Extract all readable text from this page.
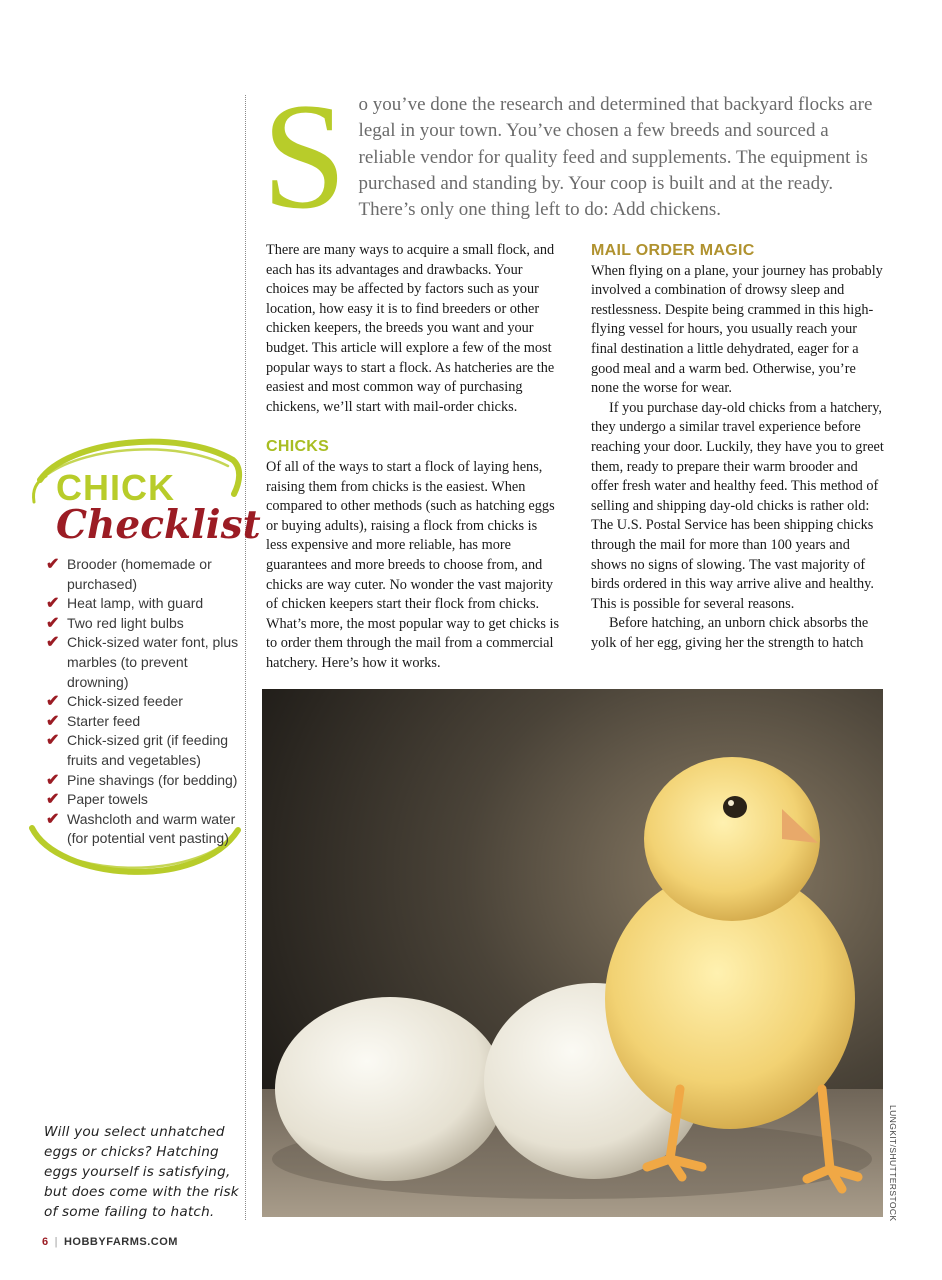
S o you’ve done the research and determined that backyard flocks are legal in your town. You’ve chosen a few breeds and sourced a reliable vendor for quality feed and supplements. The equipment is purchased and standing by. Your coop is built and at the ready. There’s only one thing left to do: Add chickens.

There are many ways to acquire a small flock, and each has its advantages and drawbacks. Your choices may be affected by factors such as your location, how easy it is to find breeders or other chicken keepers, the breeds you want and your budget. This article will explore a few of the most popular ways to start a flock. As hatcheries are the easiest and most common way of purchasing chickens, we’ll start with mail-order chicks.

CHICKS

Of all of the ways to start a flock of laying hens, raising them from chicks is the easiest. When compared to other methods (such as hatching eggs or buying adults), raising a flock from chicks is less expensive and more reliable, has more guarantees and more breeds to choose from, and chicks are way cuter. No wonder the vast majority of chicken keepers start their flock from chicks. What’s more, the most popular way to get chicks is to order them through the mail from a commercial hatchery. Here’s how it works.

MAIL ORDER MAGIC

When flying on a plane, your journey has probably involved a combination of drowsy sleep and restlessness. Despite being crammed in this high-flying vessel for hours, you usually reach your final destination a little dehydrated, eager for a good meal and a warm bed. Otherwise, you’re none the worse for wear.

If you purchase day-old chicks from a hatchery, they undergo a similar travel experience before reaching your door. Luckily, they have you to greet them, ready to prepare their warm brooder and offer fresh water and healthy feed. This method of selling and shipping day-old chicks is rather old: The U.S. Postal Service has been shipping chicks through the mail for more than 100 years and shows no signs of slowing. The vast majority of birds ordered in this way arrive alive and healthy. This is possible for several reasons.

Before hatching, an unborn chick absorbs the yolk of her egg, giving her the strength to hatch

CHICK
Checklist
✔ Brooder (homemade or purchased)
✔ Heat lamp, with guard
✔ Two red light bulbs
✔ Chick-sized water font, plus marbles (to prevent drowning)
✔ Chick-sized feeder
✔ Starter feed
✔ Chick-sized grit (if feeding fruits and vegetables)
✔ Pine shavings (for bedding)
✔ Paper towels
✔ Washcloth and warm water (for potential vent pasting)
Will you select unhatched eggs or chicks? Hatching eggs yourself is satisfying, but does come with the risk of some failing to hatch.	LUNGKIT/SHUTTERSTOCK
6 | HOBBYFARMS.COM
